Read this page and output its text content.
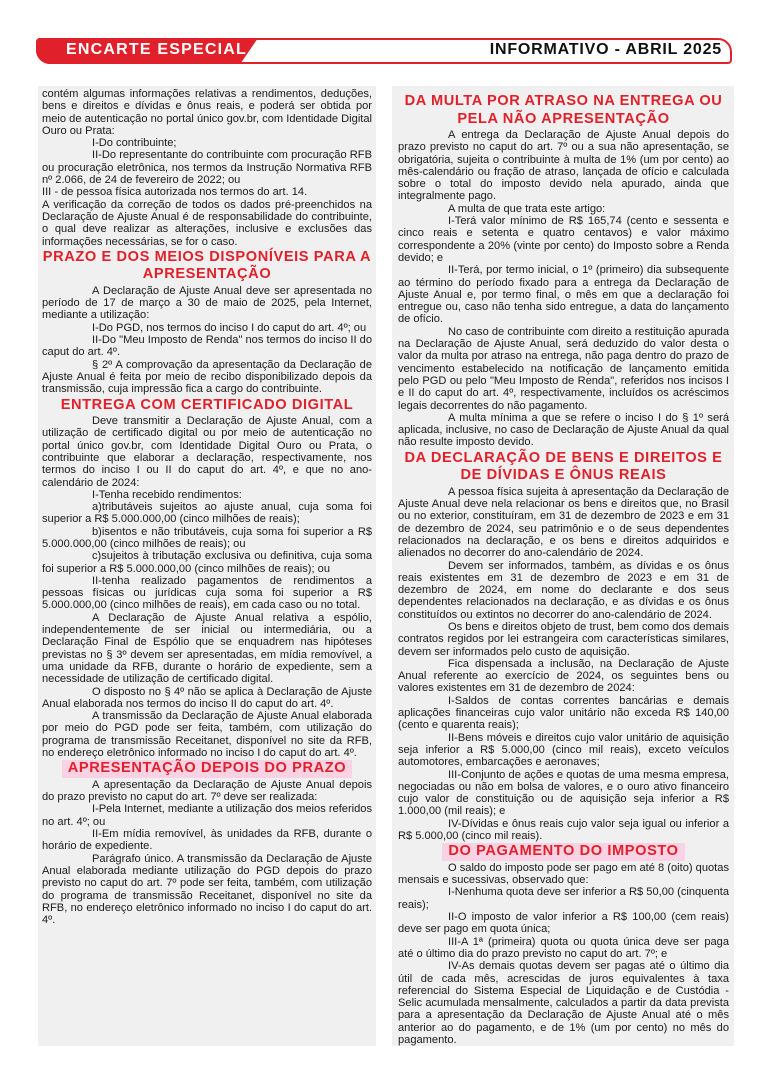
ENCARTE ESPECIAL	INFORMATIVO - ABRIL 2025

contém algumas informações relativas a rendimentos, deduções, bens e direitos e dívidas e ônus reais, e poderá ser obtida por meio de autenticação no portal único gov.br, com Identidade Digital Ouro ou Prata:

I-Do contribuinte;

II-Do representante do contribuinte com procuração RFB ou procuração eletrônica, nos termos da Instrução Normativa RFB nº 2.066, de 24 de fevereiro de 2022; ou

III - de pessoa física autorizada nos termos do art. 14.

A verificação da correção de todos os dados pré-preenchidos na Declaração de Ajuste Anual é de responsabilidade do contribuinte, o qual deve realizar as alterações, inclusive e exclusões das informações necessárias, se for o caso.

PRAZO E DOS MEIOS DISPONÍVEIS PARA A APRESENTAÇÃO

A Declaração de Ajuste Anual deve ser apresentada no período de 17 de março a 30 de maio de 2025, pela Internet, mediante a utilização:

I-Do PGD, nos termos do inciso I do caput do art. 4º; ou

II-Do "Meu Imposto de Renda" nos termos do inciso II do caput do art. 4º.

§ 2º A comprovação da apresentação da Declaração de Ajuste Anual é feita por meio de recibo disponibilizado depois da transmissão, cuja impressão fica a cargo do contribuinte.

ENTREGA COM CERTIFICADO DIGITAL

Deve transmitir a Declaração de Ajuste Anual, com a utilização de certificado digital ou por meio de autenticação no portal único gov.br, com Identidade Digital Ouro ou Prata, o contribuinte que elaborar a declaração, respectivamente, nos termos do inciso I ou II do caput do art. 4º, e que no ano-calendário de 2024:

I-Tenha recebido rendimentos:

a)tributáveis sujeitos ao ajuste anual, cuja soma foi superior a R$ 5.000.000,00 (cinco milhões de reais);

b)isentos e não tributáveis, cuja soma foi superior a R$ 5.000.000,00 (cinco milhões de reais); ou

c)sujeitos à tributação exclusiva ou definitiva, cuja soma foi superior a R$ 5.000.000,00 (cinco milhões de reais); ou

II-tenha realizado pagamentos de rendimentos a pessoas físicas ou jurídicas cuja soma foi superior a R$ 5.000.000,00 (cinco milhões de reais), em cada caso ou no total.

A Declaração de Ajuste Anual relativa a espólio, independentemente de ser inicial ou intermediária, ou a Declaração Final de Espólio que se enquadrem nas hipóteses previstas no § 3º devem ser apresentadas, em mídia removível, a uma unidade da RFB, durante o horário de expediente, sem a necessidade de utilização de certificado digital.

O disposto no § 4º não se aplica à Declaração de Ajuste Anual elaborada nos termos do inciso II do caput do art. 4º.

A transmissão da Declaração de Ajuste Anual elaborada por meio do PGD pode ser feita, também, com utilização do programa de transmissão Receitanet, disponível no site da RFB, no endereço eletrônico informado no inciso I do caput do art. 4º.

APRESENTAÇÃO DEPOIS DO PRAZO

A apresentação da Declaração de Ajuste Anual depois do prazo previsto no caput do art. 7º deve ser realizada:

I-Pela Internet, mediante a utilização dos meios referidos no art. 4º; ou

II-Em mídia removível, às unidades da RFB, durante o horário de expediente.

Parágrafo único. A transmissão da Declaração de Ajuste Anual elaborada mediante utilização do PGD depois do prazo previsto no caput do art. 7º pode ser feita, também, com utilização do programa de transmissão Receitanet, disponível no site da RFB, no endereço eletrônico informado no inciso I do caput do art. 4º.

DA MULTA POR ATRASO NA ENTREGA OU PELA NÃO APRESENTAÇÃO

A entrega da Declaração de Ajuste Anual depois do prazo previsto no caput do art. 7º ou a sua não apresentação, se obrigatória, sujeita o contribuinte à multa de 1% (um por cento) ao mês-calendário ou fração de atraso, lançada de ofício e calculada sobre o total do imposto devido nela apurado, ainda que integralmente pago.

A multa de que trata este artigo:

I-Terá valor mínimo de R$ 165,74 (cento e sessenta e cinco reais e setenta e quatro centavos) e valor máximo correspondente a 20% (vinte por cento) do Imposto sobre a Renda devido; e

II-Terá, por termo inicial, o 1º (primeiro) dia subsequente ao término do período fixado para a entrega da Declaração de Ajuste Anual e, por termo final, o mês em que a declaração foi entregue ou, caso não tenha sido entregue, a data do lançamento de ofício.

No caso de contribuinte com direito a restituição apurada na Declaração de Ajuste Anual, será deduzido do valor desta o valor da multa por atraso na entrega, não paga dentro do prazo de vencimento estabelecido na notificação de lançamento emitida pelo PGD ou pelo "Meu Imposto de Renda", referidos nos incisos I e II do caput do art. 4º, respectivamente, incluídos os acréscimos legais decorrentes do não pagamento.

A multa mínima a que se refere o inciso I do § 1º será aplicada, inclusive, no caso de Declaração de Ajuste Anual da qual não resulte imposto devido.

DA DECLARAÇÃO DE BENS E DIREITOS E DE DÍVIDAS E ÔNUS REAIS

A pessoa física sujeita à apresentação da Declaração de Ajuste Anual deve nela relacionar os bens e direitos que, no Brasil ou no exterior, constituíram, em 31 de dezembro de 2023 e em 31 de dezembro de 2024, seu patrimônio e o de seus dependentes relacionados na declaração, e os bens e direitos adquiridos e alienados no decorrer do ano-calendário de 2024.

Devem ser informados, também, as dívidas e os ônus reais existentes em 31 de dezembro de 2023 e em 31 de dezembro de 2024, em nome do declarante e dos seus dependentes relacionados na declaração, e as dívidas e os ônus constituídos ou extintos no decorrer do ano-calendário de 2024.

Os bens e direitos objeto de trust, bem como dos demais contratos regidos por lei estrangeira com características similares, devem ser informados pelo custo de aquisição.

Fica dispensada a inclusão, na Declaração de Ajuste Anual referente ao exercício de 2024, os seguintes bens ou valores existentes em 31 de dezembro de 2024:

I-Saldos de contas correntes bancárias e demais aplicações financeiras cujo valor unitário não exceda R$ 140,00 (cento e quarenta reais);

II-Bens móveis e direitos cujo valor unitário de aquisição seja inferior a R$ 5.000,00 (cinco mil reais), exceto veículos automotores, embarcações e aeronaves;

III-Conjunto de ações e quotas de uma mesma empresa, negociadas ou não em bolsa de valores, e o ouro ativo financeiro cujo valor de constituição ou de aquisição seja inferior a R$ 1.000,00 (mil reais); e

IV-Dívidas e ônus reais cujo valor seja igual ou inferior a R$ 5.000,00 (cinco mil reais).

DO PAGAMENTO DO IMPOSTO

O saldo do imposto pode ser pago em até 8 (oito) quotas mensais e sucessivas, observado que:

I-Nenhuma quota deve ser inferior a R$ 50,00 (cinquenta reais);

II-O imposto de valor inferior a R$ 100,00 (cem reais) deve ser pago em quota única;

III-A 1ª (primeira) quota ou quota única deve ser paga até o último dia do prazo previsto no caput do art. 7º; e

IV-As demais quotas devem ser pagas até o último dia útil de cada mês, acrescidas de juros equivalentes à taxa referencial do Sistema Especial de Liquidação e de Custódia - Selic acumulada mensalmente, calculados a partir da data prevista para a apresentação da Declaração de Ajuste Anual até o mês anterior ao do pagamento, e de 1% (um por cento) no mês do pagamento.
